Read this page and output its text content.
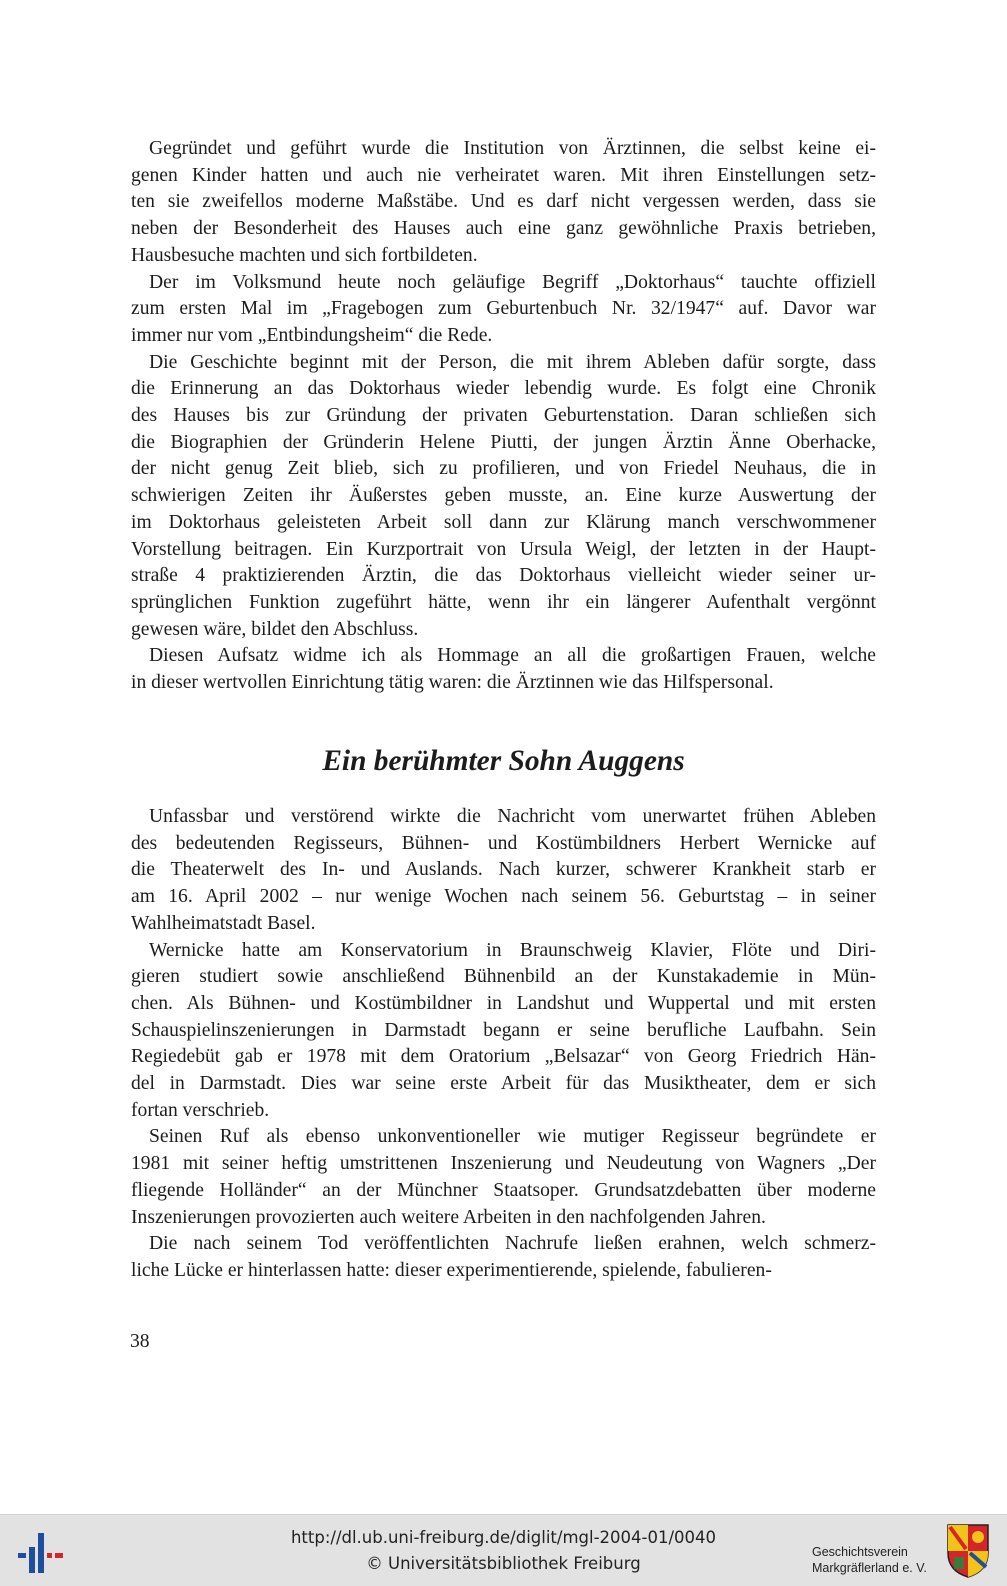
Gegründet und geführt wurde die Institution von Ärztinnen, die selbst keine ei-
genen Kinder hatten und auch nie verheiratet waren. Mit ihren Einstellungen setz-
ten sie zweifellos moderne Maßstäbe. Und es darf nicht vergessen werden, dass sie
neben der Besonderheit des Hauses auch eine ganz gewöhnliche Praxis betrieben,
Hausbesuche machten und sich fortbildeten.

Der im Volksmund heute noch geläufige Begriff „Doktorhaus“ tauchte offiziell
zum ersten Mal im „Fragebogen zum Geburtenbuch Nr. 32/1947“ auf. Davor war
immer nur vom „Entbindungsheim“ die Rede.

Die Geschichte beginnt mit der Person, die mit ihrem Ableben dafür sorgte, dass
die Erinnerung an das Doktorhaus wieder lebendig wurde. Es folgt eine Chronik
des Hauses bis zur Gründung der privaten Geburtenstation. Daran schließen sich
die Biographien der Gründerin Helene Piutti, der jungen Ärztin Änne Oberhacke,
der nicht genug Zeit blieb, sich zu profilieren, und von Friedel Neuhaus, die in
schwierigen Zeiten ihr Äußerstes geben musste, an. Eine kurze Auswertung der
im Doktorhaus geleisteten Arbeit soll dann zur Klärung manch verschwommener
Vorstellung beitragen. Ein Kurzportrait von Ursula Weigl, der letzten in der Haupt-
straße 4 praktizierenden Ärztin, die das Doktorhaus vielleicht wieder seiner ur-
sprünglichen Funktion zugeführt hätte, wenn ihr ein längerer Aufenthalt vergönnt
gewesen wäre, bildet den Abschluss.

Diesen Aufsatz widme ich als Hommage an all die großartigen Frauen, welche
in dieser wertvollen Einrichtung tätig waren: die Ärztinnen wie das Hilfspersonal.

Ein berühmter Sohn Auggens

Unfassbar und verstörend wirkte die Nachricht vom unerwartet frühen Ableben
des bedeutenden Regisseurs, Bühnen- und Kostümbildners Herbert Wernicke auf
die Theaterwelt des In- und Auslands. Nach kurzer, schwerer Krankheit starb er
am 16. April 2002 – nur wenige Wochen nach seinem 56. Geburtstag – in seiner
Wahlheimatstadt Basel.

Wernicke hatte am Konservatorium in Braunschweig Klavier, Flöte und Diri-
gieren studiert sowie anschließend Bühnenbild an der Kunstakademie in Mün-
chen. Als Bühnen- und Kostümbildner in Landshut und Wuppertal und mit ersten
Schauspielinszenierungen in Darmstadt begann er seine berufliche Laufbahn. Sein
Regiedebüt gab er 1978 mit dem Oratorium „Belsazar“ von Georg Friedrich Hän-
del in Darmstadt. Dies war seine erste Arbeit für das Musiktheater, dem er sich
fortan verschrieb.

Seinen Ruf als ebenso unkonventioneller wie mutiger Regisseur begründete er
1981 mit seiner heftig umstrittenen Inszenierung und Neudeutung von Wagners „Der
fliegende Holländer“ an der Münchner Staatsoper. Grundsatzdebatten über moderne
Inszenierungen provozierten auch weitere Arbeiten in den nachfolgenden Jahren.

Die nach seinem Tod veröffentlichten Nachrufe ließen erahnen, welch schmerz-
liche Lücke er hinterlassen hatte: dieser experimentierende, spielende, fabulieren-

38

http://dl.ub.uni-freiburg.de/diglit/mgl-2004-01/0040
© Universitätsbibliothek Freiburg
Geschichtsverein
Markgräflerland e. V.
